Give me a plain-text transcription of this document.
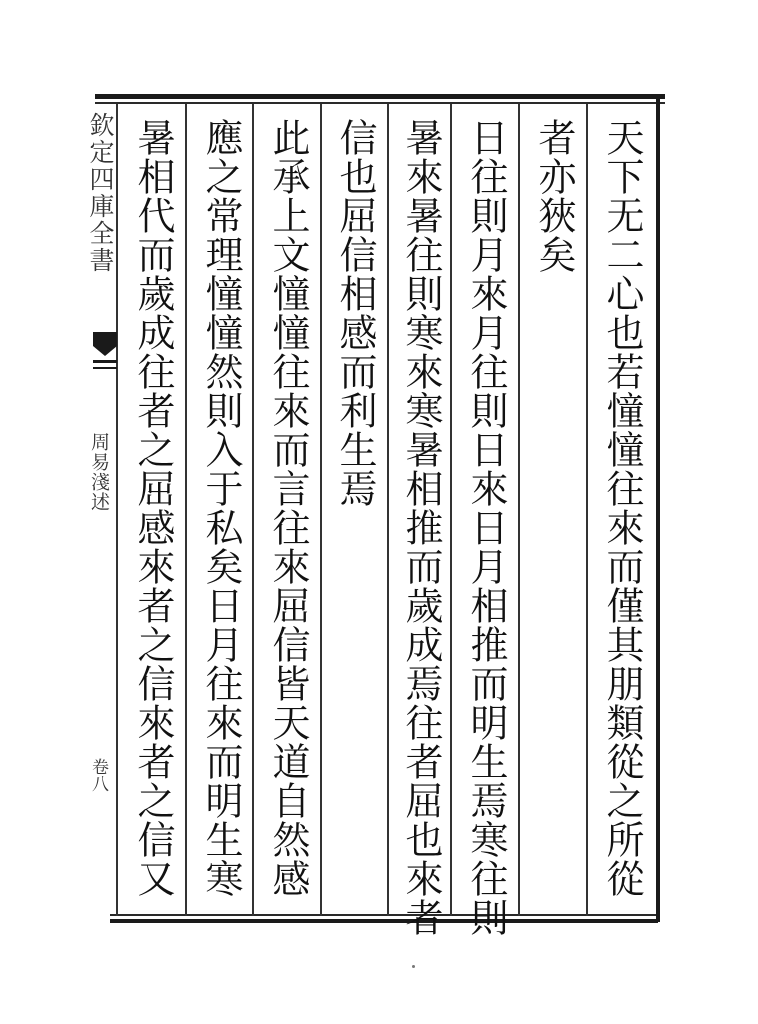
天下无二心也若憧憧往來而僅其朋類從之所從
者亦狹矣
日往則月來月往則日來日月相推而明生焉寒往則
暑來暑往則寒來寒暑相推而歲成焉往者屈也來者
信也屈信相感而利生焉
此承上文憧憧往來而言往來屈信皆天道自然感
應之常理憧憧然則入于私矣日月往來而明生寒
暑相代而歲成往者之屈感來者之信來者之信又
欽定四庫全書
周易淺述
卷八
